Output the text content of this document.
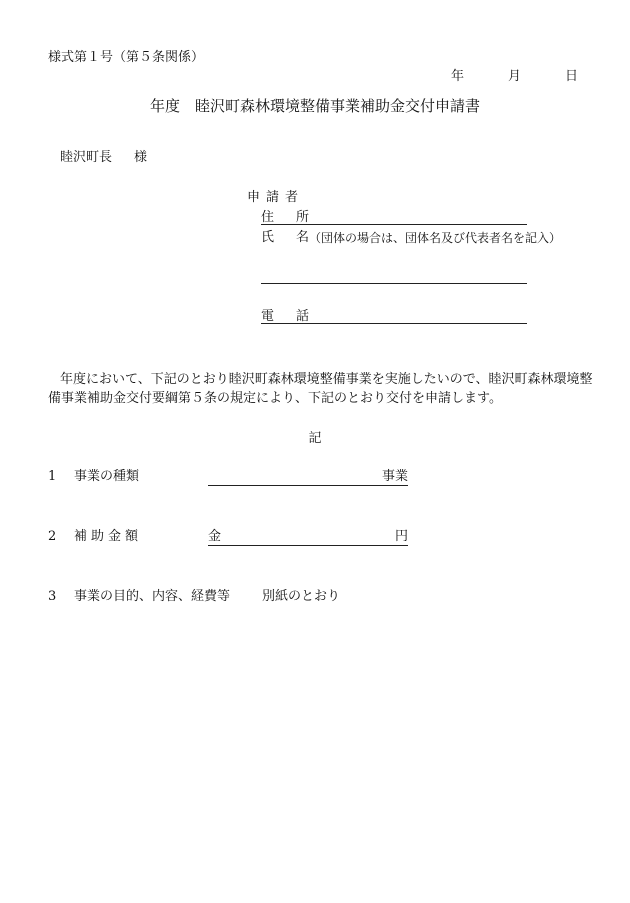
様式第１号（第５条関係）
年	月	日
年度　睦沢町森林環境整備事業補助金交付申請書
睦沢町長 様
申請者
住 所
氏 名 （団体の場合は、団体名及び代表者名を記入）
電 話
年度において、下記のとおり睦沢町森林環境整備事業を実施したいので、睦沢町森林環境整備事業補助金交付要綱第５条の規定により、下記のとおり交付を申請します。
記
1 事業の種類	事業
2 補助金額	金	円
3 事業の目的、内容、経費等 別紙のとおり
